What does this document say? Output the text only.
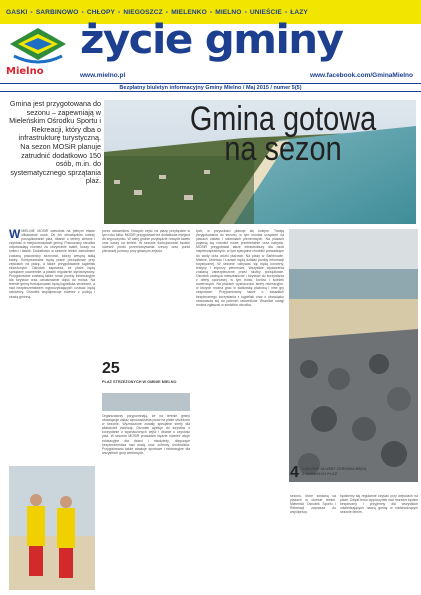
GASKI • SARBINOWO • CHŁOPY • NIEGOSZCZ • MIELENKO • MIELNO • UNIEŚCIE • ŁAZY
Mielno
życie gminy
www.mielno.pl	www.facebook.com/GminaMielno
Bezpłatny biuletyn informacyjny Gminy Mielno / Maj 2015 / numer 5(5)
Gmina jest przygotowana do sezonu – zapewniają w Mieleńskim Ośrodku Sportu i Rekreacji, który dba o infrastrukturę turystyczną. Na sezon MOSiR planuje zatrudnić dodatkowo 150 osób, m.in. do systematycznego sprzątania plaż.
Gmina gotowa
na sezon
W MIELNIE MOSiR zatrudnia na pełnym etacie kilkanaście osób. Do ich obowiązków należy porządkowanie plaż, dbanie o tereny zielone i czystość w miejscowościach gminy. Pracownicy ośrodka odpowiadają również za utrzymanie toalet, koszy na śmieci i ławek. Dodatkowo w sezonie letnim zatrudnieni zostaną pracownicy sezonowi, którzy wesprą stałą kadrę. Kontynuowane będą prace porządkowe przy zejściach na plażę, a także przygotowanie kąpielisk strzeżonych. Ośrodek zapewnia, że plaże będą sprzątane codziennie, a piasek regularnie wyrównywany. Przygotowane zostaną także nowe punkty informacyjne dla turystów oraz oznakowanie dojść do morza. Na terenie gminy funkcjonować będą kąpieliska strzeżone, a nad bezpieczeństwem wypoczywających czuwać będą ratownicy. Ośrodek współpracuje również z policją i strażą gminną.
przez ratowników. Nowych zejść na plażę przybędzie w tym roku kilka. MOSiR przygotował też dodatkowe miejsca do wypoczynku. W całej gminie przybędzie nowych ławek oraz koszy na śmieci. W sezonie funkcjonować będzie również punkt przechowywania rzeczy oraz punkt pierwszej pomocy przy głównym zejściu.
25
PLAŻ STRZEŻONYCH W GMINIE MIELNO
Organizatorzy przypominają, że na terenie gminy obowiązuje zakaz wprowadzania psów na plaże strzeżone w sezonie. Wyznaczone zostały specjalne strefy dla właścicieli zwierząt. Ośrodek apeluje do turystów o korzystanie z wyznaczonych zejść i dbanie o czystość plaż. W sezonie MOSiR prowadzić będzie również akcje edukacyjne dla dzieci i młodzieży, dotyczące bezpieczeństwa nad wodą oraz ochrony środowiska. Przygotowano także atrakcje sportowe i rekreacyjne dla wszystkich grup wiekowych.
tych, w przyszłości planuje się kolejne. Trwają przygotowania do sezonu, w tym montaż urządzeń na placach zabaw i siłowniach plenerowych. Na plażach pojawią się również nowe przebieralnie oraz natryski. MOSiR przygotował także infrastrukturę dla osób niepełnosprawnych, w tym specjalne chodniki prowadzące do wody oraz wózki plażowe. Na plaży w Sarbinowie, Mielnie, Unieściu i Łazach będą działać punkty informacji turystycznej. W sezonie odbywać się będą koncerty, festyny i imprezy plenerowe. Wszystkie wydarzenia zostaną zabezpieczone przez służby porządkowe. Ośrodek zachęca mieszkańców i turystów do korzystania z oferty sportowej, w tym boisk, kortów i ścieżek rowerowych. Na plażach wyznaczono strefy rekreacyjne, w których można grać w siatkówkę plażową i inne gry zespołowe. Przypominamy także o zasadach bezpiecznego korzystania z kąpielisk oraz o obowiązku stosowania się do poleceń ratowników. Wszelkie uwagi można zgłaszać w siedzibie ośrodka.
4 SIEDZIBY SŁUŻBY ZDROWIA BĘDĄ Z GMINNYCH PLAŻ
sezonu, które zostaną na plażach w okresie letnim. Mieleński Ośrodek Sportu i Rekreacji zaprasza do współpracy.
będziemy się regularnie czyścić przy wejściach na plaże. Dzięki temu wypoczynek nad morzem będzie bezpieczny i przyjemny dla wszystkich odwiedzających naszą gminę w nadchodzącym sezonie letnim.
